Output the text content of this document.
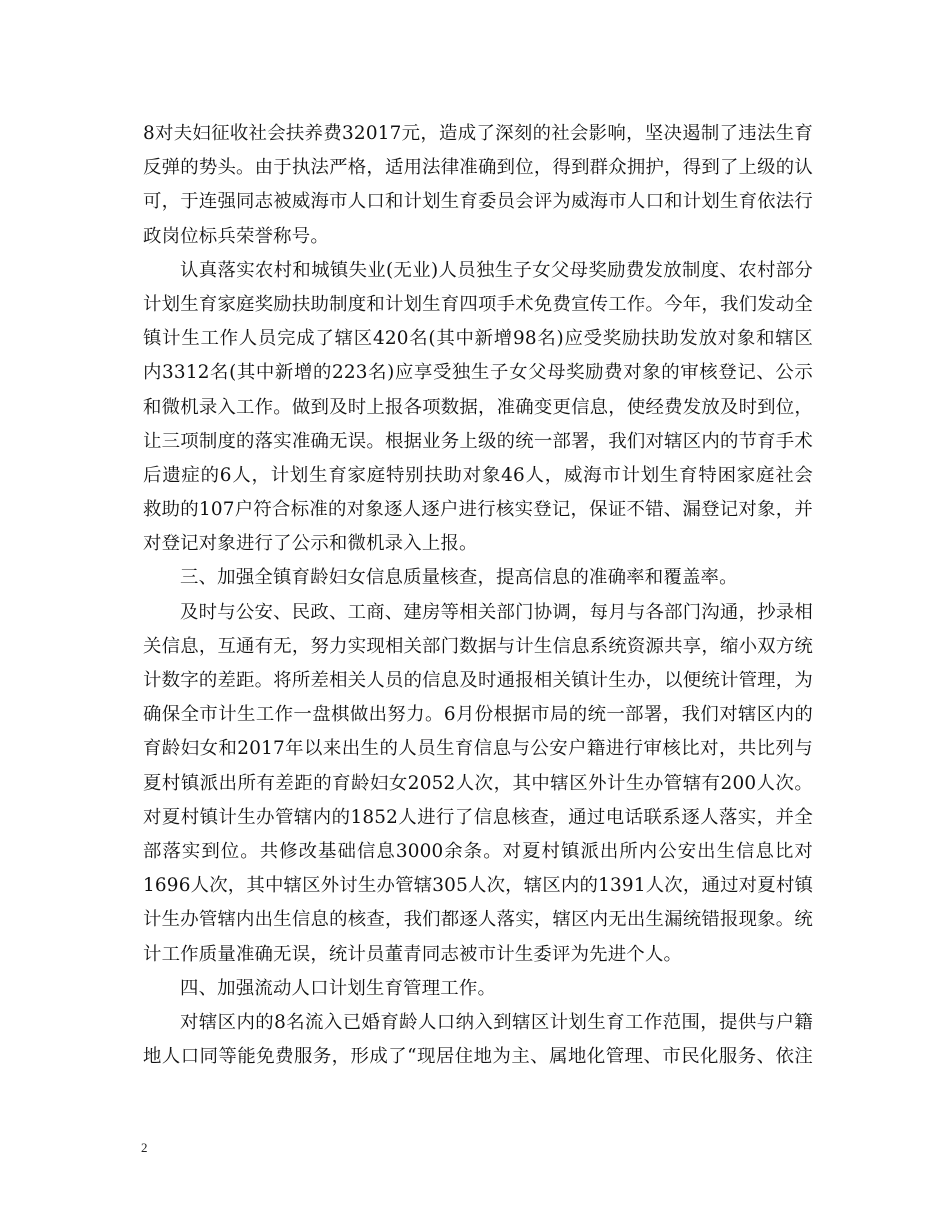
8对夫妇征收社会扶养费32017元，造成了深刻的社会影响，坚决遏制了违法生育
反弹的势头。由于执法严格，适用法律准确到位，得到群众拥护，得到了上级的认
可，于连强同志被威海市人口和计划生育委员会评为威海市人口和计划生育依法行
政岗位标兵荣誉称号。
认真落实农村和城镇失业(无业)人员独生子女父母奖励费发放制度、农村部分
计划生育家庭奖励扶助制度和计划生育四项手术免费宣传工作。今年，我们发动全
镇计生工作人员完成了辖区420名(其中新增98名)应受奖励扶助发放对象和辖区
内3312名(其中新增的223名)应享受独生子女父母奖励费对象的审核登记、公示
和微机录入工作。做到及时上报各项数据，准确变更信息，使经费发放及时到位，
让三项制度的落实准确无误。根据业务上级的统一部署，我们对辖区内的节育手术
后遗症的6人，计划生育家庭特别扶助对象46人，威海市计划生育特困家庭社会
救助的107户符合标准的对象逐人逐户进行核实登记，保证不错、漏登记对象，并
对登记对象进行了公示和微机录入上报。
三、加强全镇育龄妇女信息质量核查，提高信息的准确率和覆盖率。
及时与公安、民政、工商、建房等相关部门协调，每月与各部门沟通，抄录相
关信息，互通有无，努力实现相关部门数据与计生信息系统资源共享，缩小双方统
计数字的差距。将所差相关人员的信息及时通报相关镇计生办，以便统计管理，为
确保全市计生工作一盘棋做出努力。6月份根据市局的统一部署，我们对辖区内的
育龄妇女和2017年以来出生的人员生育信息与公安户籍进行审核比对，共比列与
夏村镇派出所有差距的育龄妇女2052人次，其中辖区外计生办管辖有200人次。
对夏村镇计生办管辖内的1852人进行了信息核查，通过电话联系逐人落实，并全
部落实到位。共修改基础信息3000余条。对夏村镇派出所内公安出生信息比对
1696人次，其中辖区外讨生办管辖305人次，辖区内的1391人次，通过对夏村镇
计生办管辖内出生信息的核查，我们都逐人落实，辖区内无出生漏统错报现象。统
计工作质量准确无误，统计员董青同志被市计生委评为先进个人。
四、加强流动人口计划生育管理工作。
对辖区内的8名流入已婚育龄人口纳入到辖区计划生育工作范围，提供与户籍
地人口同等能免费服务，形成了“现居住地为主、属地化管理、市民化服务、依注
2
